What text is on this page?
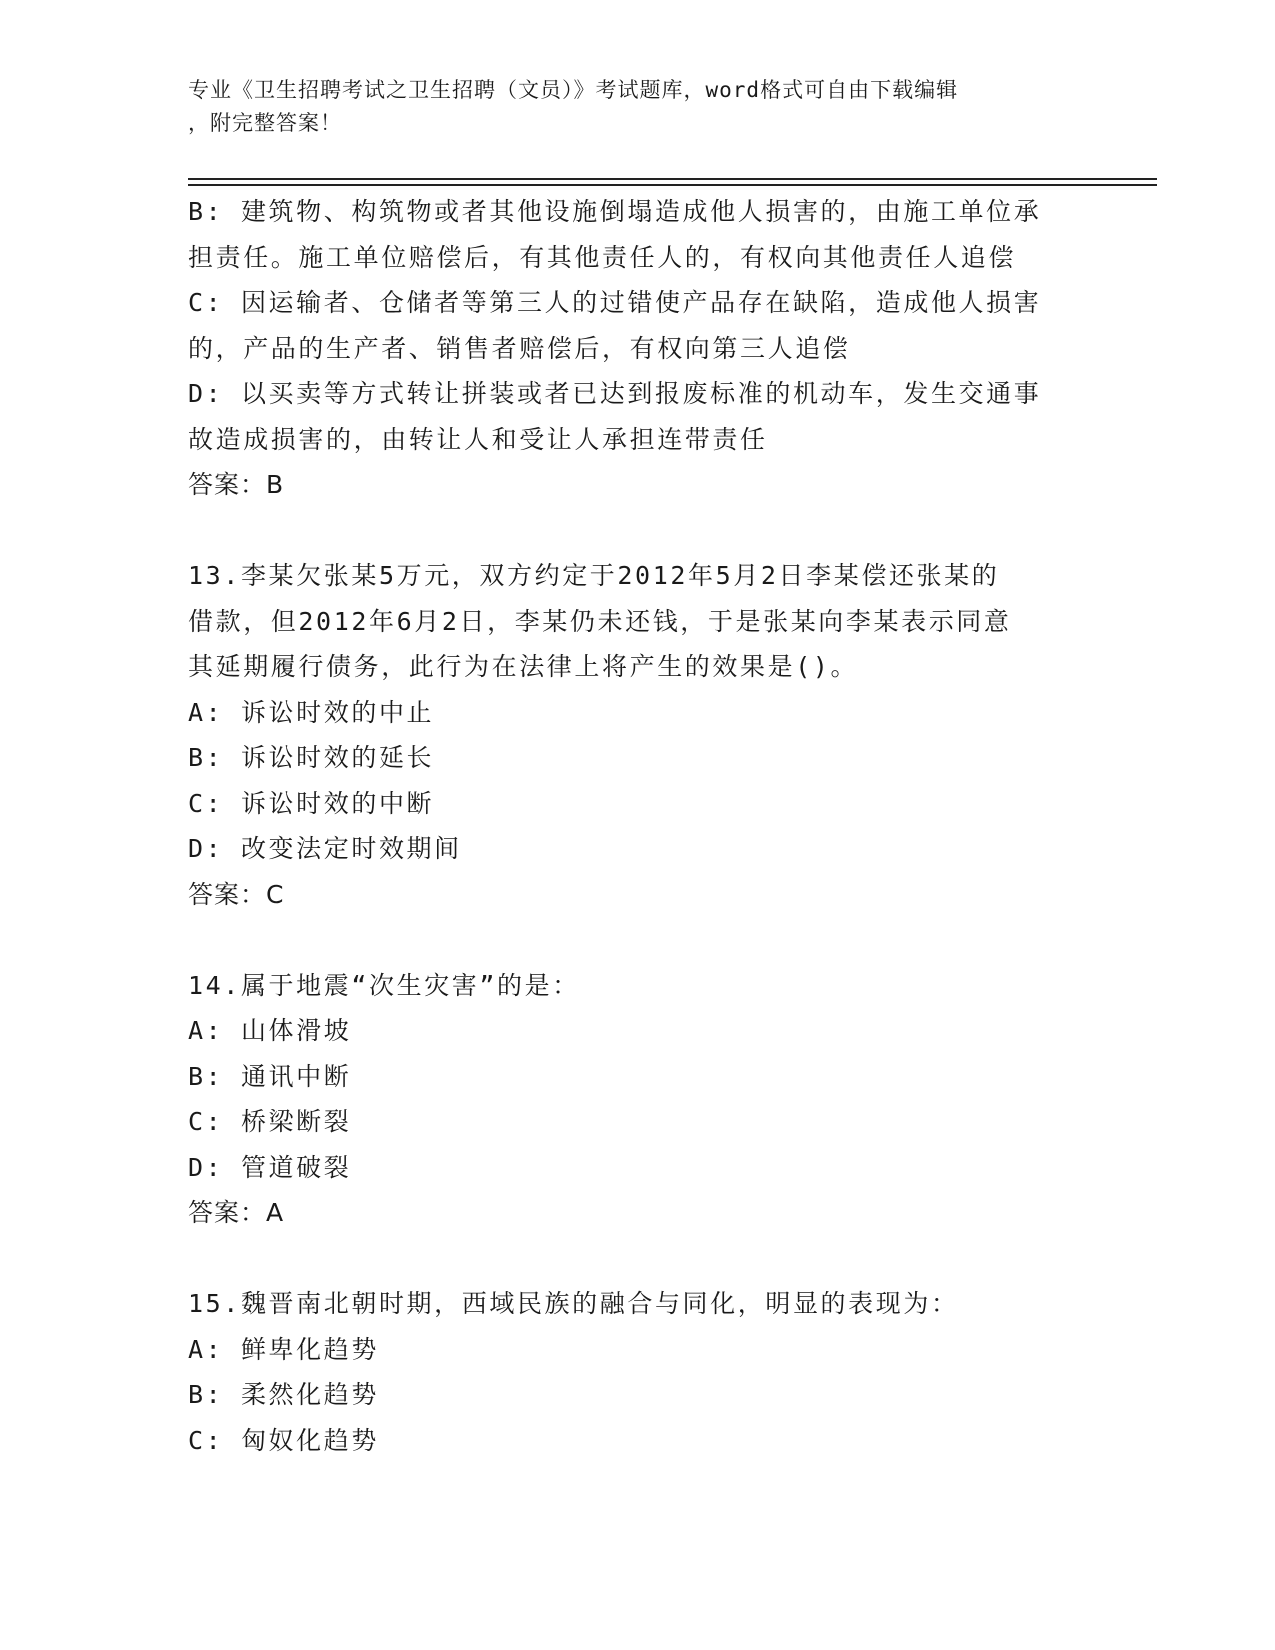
专业《卫生招聘考试之卫生招聘（文员）》考试题库，word格式可自由下载编辑
，附完整答案！
B: 建筑物、构筑物或者其他设施倒塌造成他人损害的，由施工单位承
担责任。施工单位赔偿后，有其他责任人的，有权向其他责任人追偿
C: 因运输者、仓储者等第三人的过错使产品存在缺陷，造成他人损害
的，产品的生产者、销售者赔偿后，有权向第三人追偿
D: 以买卖等方式转让拼装或者已达到报废标准的机动车，发生交通事
故造成损害的，由转让人和受让人承担连带责任
答案：B
13.李某欠张某5万元，双方约定于2012年5月2日李某偿还张某的
借款，但2012年6月2日，李某仍未还钱，于是张某向李某表示同意
其延期履行债务，此行为在法律上将产生的效果是()。
A: 诉讼时效的中止
B: 诉讼时效的延长
C: 诉讼时效的中断
D: 改变法定时效期间
答案：C
14.属于地震“次生灾害”的是：
A: 山体滑坡
B: 通讯中断
C: 桥梁断裂
D: 管道破裂
答案：A
15.魏晋南北朝时期，西域民族的融合与同化，明显的表现为：
A: 鲜卑化趋势
B: 柔然化趋势
C: 匈奴化趋势
